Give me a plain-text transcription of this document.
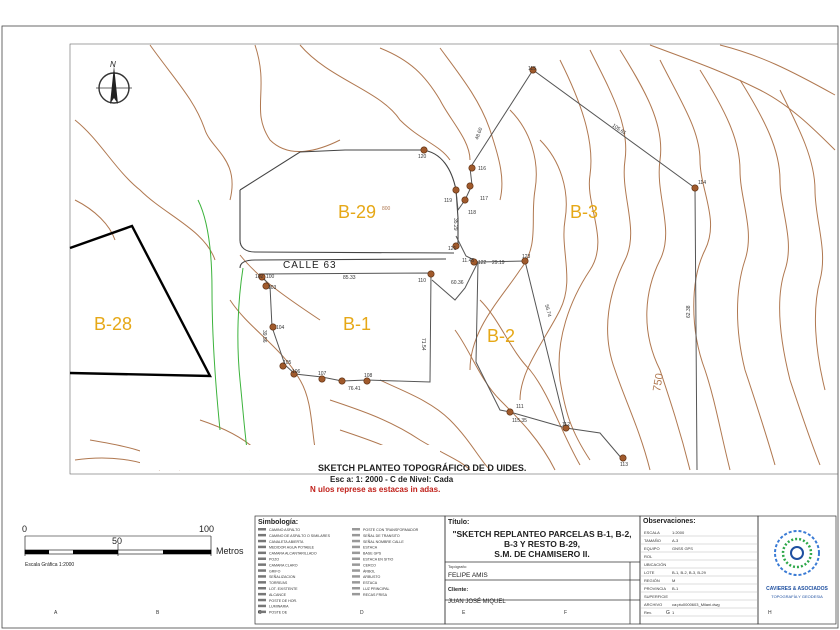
100
102
103
104
105
106	107	108
111
112
113
114
115
116
117
118
119
120
121
122
123
110
85.33
60.36
29.19
71.54
39.56
76.41
115.35
56.74
105.65
35.29
62.38
48.60
11.45
B-28
B-29	B-3
B-1
B-2
CALLE 63
750
800
N
SKETCH PLANTEO TOPOGRÁFICO DE D UIDES.
Esc a: 1: 2000 - C de Nivel: Cada
N ulos represe as estacas in adas.
0
50
100
Metros
Escala Gráfica 1:2000
Simbología:
CAMINO ASFALTO
CAMINO DE ASFALTO O SIMILARES
CANALETA ABIERTA
MEDIDOR AGUA POTABLE
CAMARA ALCANTARILLADO
POZO
CAMARA CLARO
GRIFO
SEÑALIZACION
TORRE/AS
LOT. EXISTENTE
ALCANCE
POSTE DE HOR.
LUMINARIA
POSTE DE
POSTE CON TRANSFORMADOR
SEÑAL DE TRANSITO
SEÑAL NOMBRE CALLE
ESTACA
BASE GPS
ESTACA EN SITIO
CERCO
ÁRBOL
ARBUSTO
ESTACA
LUZ PRINCIPAL
RECAS FRISA
Título:
"SKETCH REPLANTEO PARCELAS B-1, B-2,
B-3 Y RESTO B-29,
S.M. DE CHAMISERO II.
Topógrafo:
FELIPE AMIS
Cliente:
JUAN JOSÉ MIQUEL
Observaciones:
ESCALA	1:2000
TAMAÑO	A-3
EQUIPO	GNSS GPS
ROL
UBICACIÓN
LOTE	B-1, B-2, B-3, B-29
REGIÓN	M
PROVINCIA B-1
SUPERFICIE
ARCHIVO ca:ptu0000603_Milani.dwg
Rev.	1
CAVIERES & ASOCIADOS
TOPOGRAFÍA Y GEODESIA
A	B	C	D	E	F	G	H
